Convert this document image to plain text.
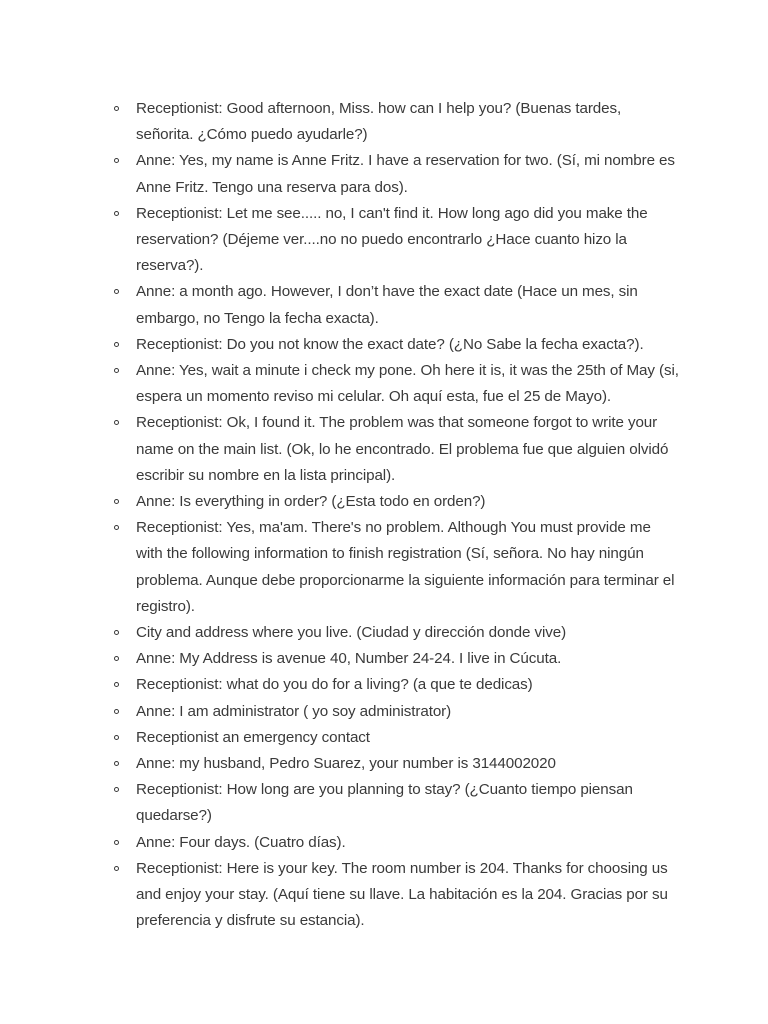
Receptionist: Good afternoon, Miss. how can I help you? (Buenas tardes, señorita. ¿Cómo puedo ayudarle?)
Anne: Yes, my name is Anne Fritz. I have a reservation for two. (Sí, mi nombre es Anne Fritz. Tengo una reserva para dos).
Receptionist: Let me see..... no, I can't find it. How long ago did you make the reservation? (Déjeme ver....no no puedo encontrarlo ¿Hace cuanto hizo la reserva?).
Anne: a month ago. However, I don’t have the exact date (Hace un mes, sin embargo, no Tengo la fecha exacta).
Receptionist: Do you not know the exact date? (¿No Sabe la fecha exacta?).
Anne: Yes, wait a minute i check my pone. Oh here it is, it was the 25th of May (si, espera un momento reviso mi celular. Oh aquí esta, fue el 25 de Mayo).
Receptionist: Ok, I found it. The problem was that someone forgot to write your name on the main list. (Ok, lo he encontrado. El problema fue que alguien olvidó escribir su nombre en la lista principal).
Anne: Is everything in order? (¿Esta todo en orden?)
Receptionist: Yes, ma'am. There's no problem. Although You must provide me with the following information to finish registration (Sí, señora. No hay ningún problema. Aunque debe proporcionarme la siguiente información para terminar el registro).
City and address where you live. (Ciudad y dirección donde vive)
Anne: My Address is avenue 40, Number 24-24. I live in Cúcuta.
Receptionist: what do you do for a living? (a que te dedicas)
Anne: I am administrator ( yo soy administrator)
Receptionist an emergency contact
Anne: my husband, Pedro Suarez, your number is 3144002020
Receptionist: How long are you planning to stay? (¿Cuanto tiempo piensan quedarse?)
Anne: Four days. (Cuatro días).
Receptionist: Here is your key. The room number is 204. Thanks for choosing us and enjoy your stay. (Aquí tiene su llave. La habitación es la 204. Gracias por su preferencia y disfrute su estancia).
